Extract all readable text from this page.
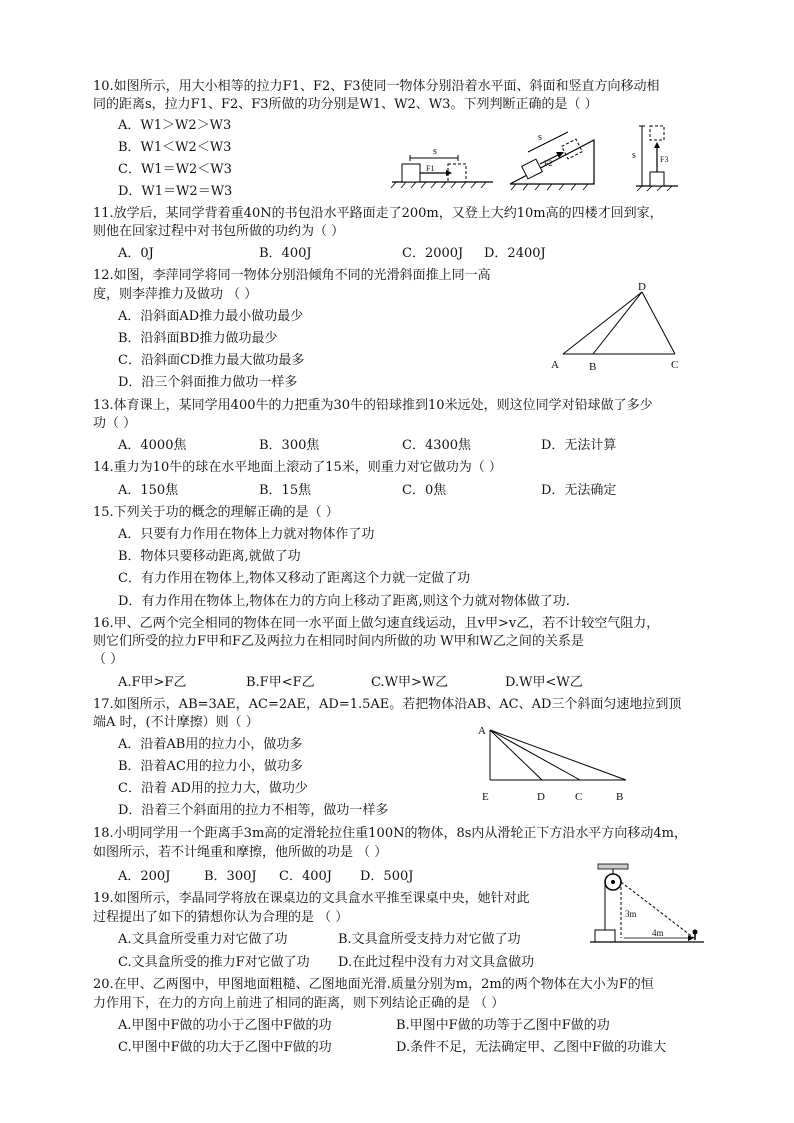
10.如图所示，用大小相等的拉力F1、F2、F3使同一物体分别沿着水平面、斜面和竖直方向移动相
同的距离s，拉力F1、F2、F3所做的功分别是W1、W2、W3。下列判断正确的是（ ）
A．W1＞W2＞W3
B．W1＜W2＜W3
C．W1＝W2＜W3
D．W1＝W2＝W3
s
F1
s
F2
s	F3
11.放学后，某同学背着重40N的书包沿水平路面走了200m，又登上大约10m高的四楼才回到家，
则他在回家过程中对书包所做的功约为（ ）
A．0J	B．400J	C．2000J D．2400J
12.如图，李萍同学将同一物体分别沿倾角不同的光滑斜面推上同一高
度，则李萍推力及做功 （ ）
A．沿斜面AD推力最小做功最少
B．沿斜面BD推力做功最少
C．沿斜面CD推力最大做功最多
D．沿三个斜面推力做功一样多
D
A	B	C
13.体育课上，某同学用400牛的力把重为30牛的铅球推到10米远处，则这位同学对铅球做了多少
功（ ）
A．4000焦	B．300焦	C．4300焦	D．无法计算
14.重力为10牛的球在水平地面上滚动了15米，则重力对它做功为（ ）
A．150焦	B．15焦	C．0焦	D．无法确定
15.下列关于功的概念的理解正确的是（ ）
A．只要有力作用在物体上力就对物体作了功
B．物体只要移动距离,就做了功
C．有力作用在物体上,物体又移动了距离这个力就一定做了功
D．有力作用在物体上,物体在力的方向上移动了距离,则这个力就对物体做了功.
16.甲、乙两个完全相同的物体在同一水平面上做匀速直线运动，且v甲>v乙，若不计较空气阻力，
则它们所受的拉力F甲和F乙及两拉力在相同时间内所做的功 W甲和W乙之间的关系是
（ ）
A.F甲>F乙	B.F甲<F乙	C.W甲>W乙	D.W甲<W乙
17.如图所示，AB=3AE，AC=2AE，AD=1.5AE。若把物体沿AB、AC、AD三个斜面匀速地拉到顶
端A 时，(不计摩擦）则（ ）
A．沿着AB用的拉力小，做功多
B．沿着AC用的拉力小，做功多
C．沿着 AD用的拉力大，做功少
D．沿着三个斜面用的拉力不相等，做功一样多
A
E	D	C	B
18.小明同学用一个距离手3m高的定滑轮拉住重100N的物体，8s内从滑轮正下方沿水平方向移动4m，
如图所示，若不计绳重和摩擦，他所做的功是 （ ）
A．200J	B．300J C．400J D．500J
3m
4m
19.如图所示，李晶同学将放在课桌边的文具盒水平推至课桌中央，她针对此
过程提出了如下的猜想你认为合理的是 （ ）
A.文具盒所受重力对它做了功	B.文具盒所受支持力对它做了功
C.文具盒所受的推力F对它做了功 D.在此过程中没有力对文具盒做功
20.在甲、乙两图中，甲图地面粗糙、乙图地面光滑.质量分别为m，2m的两个物体在大小为F的恒
力作用下，在力的方向上前进了相同的距离，则下列结论正确的是 （ ）
A.甲图中F做的功小于乙图中F做的功	B.甲图中F做的功等于乙图中F做的功
C.甲图中F做的功大于乙图中F做的功	D.条件不足，无法确定甲、乙图中F做的功谁大
